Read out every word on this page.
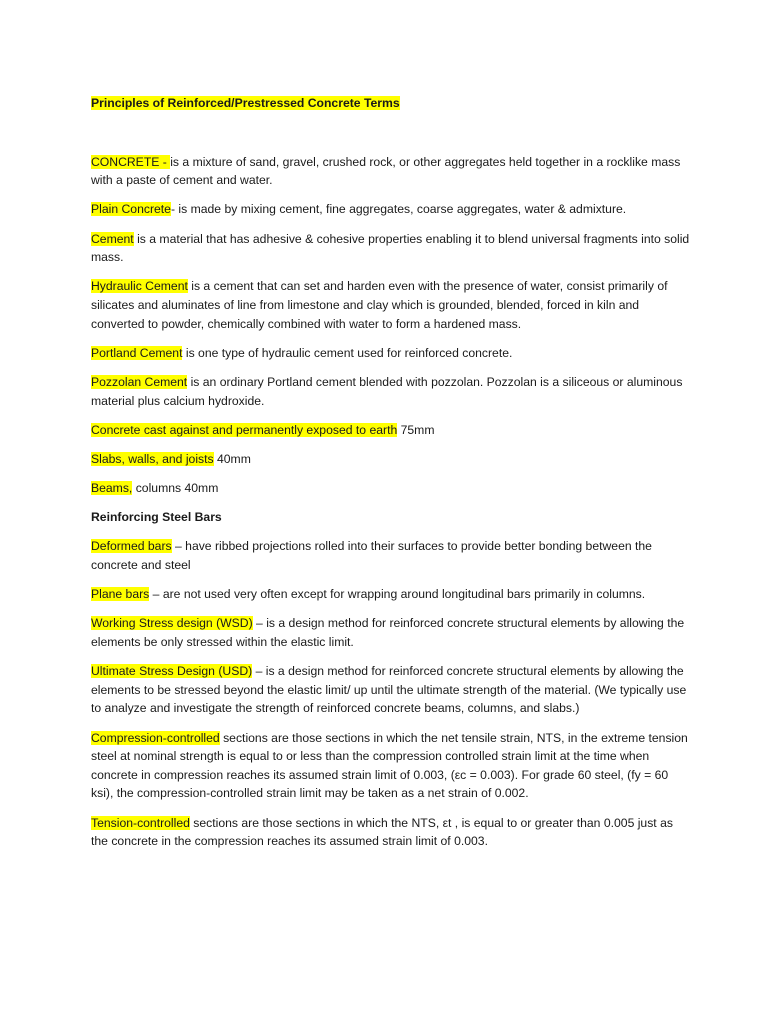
Principles of Reinforced/Prestressed Concrete Terms

CONCRETE - is a mixture of sand, gravel, crushed rock, or other aggregates held together in a rocklike mass with a paste of cement and water.

Plain Concrete- is made by mixing cement, fine aggregates, coarse aggregates, water & admixture.

Cement is a material that has adhesive & cohesive properties enabling it to blend universal fragments into solid mass.

Hydraulic Cement is a cement that can set and harden even with the presence of water, consist primarily of silicates and aluminates of line from limestone and clay which is grounded, blended, forced in kiln and converted to powder, chemically combined with water to form a hardened mass.

Portland Cement is one type of hydraulic cement used for reinforced concrete.

Pozzolan Cement is an ordinary Portland cement blended with pozzolan. Pozzolan is a siliceous or aluminous material plus calcium hydroxide.

Concrete cast against and permanently exposed to earth 75mm

Slabs, walls, and joists 40mm

Beams, columns 40mm

Reinforcing Steel Bars

Deformed bars – have ribbed projections rolled into their surfaces to provide better bonding between the concrete and steel

Plane bars – are not used very often except for wrapping around longitudinal bars primarily in columns.

Working Stress design (WSD) – is a design method for reinforced concrete structural elements by allowing the elements be only stressed within the elastic limit.

Ultimate Stress Design (USD) – is a design method for reinforced concrete structural elements by allowing the elements to be stressed beyond the elastic limit/ up until the ultimate strength of the material. (We typically use to analyze and investigate the strength of reinforced concrete beams, columns, and slabs.)

Compression-controlled sections are those sections in which the net tensile strain, NTS, in the extreme tension steel at nominal strength is equal to or less than the compression controlled strain limit at the time when concrete in compression reaches its assumed strain limit of 0.003, (εc = 0.003). For grade 60 steel, (fy = 60 ksi), the compression-controlled strain limit may be taken as a net strain of 0.002.

Tension-controlled sections are those sections in which the NTS, εt , is equal to or greater than 0.005 just as the concrete in the compression reaches its assumed strain limit of 0.003.
